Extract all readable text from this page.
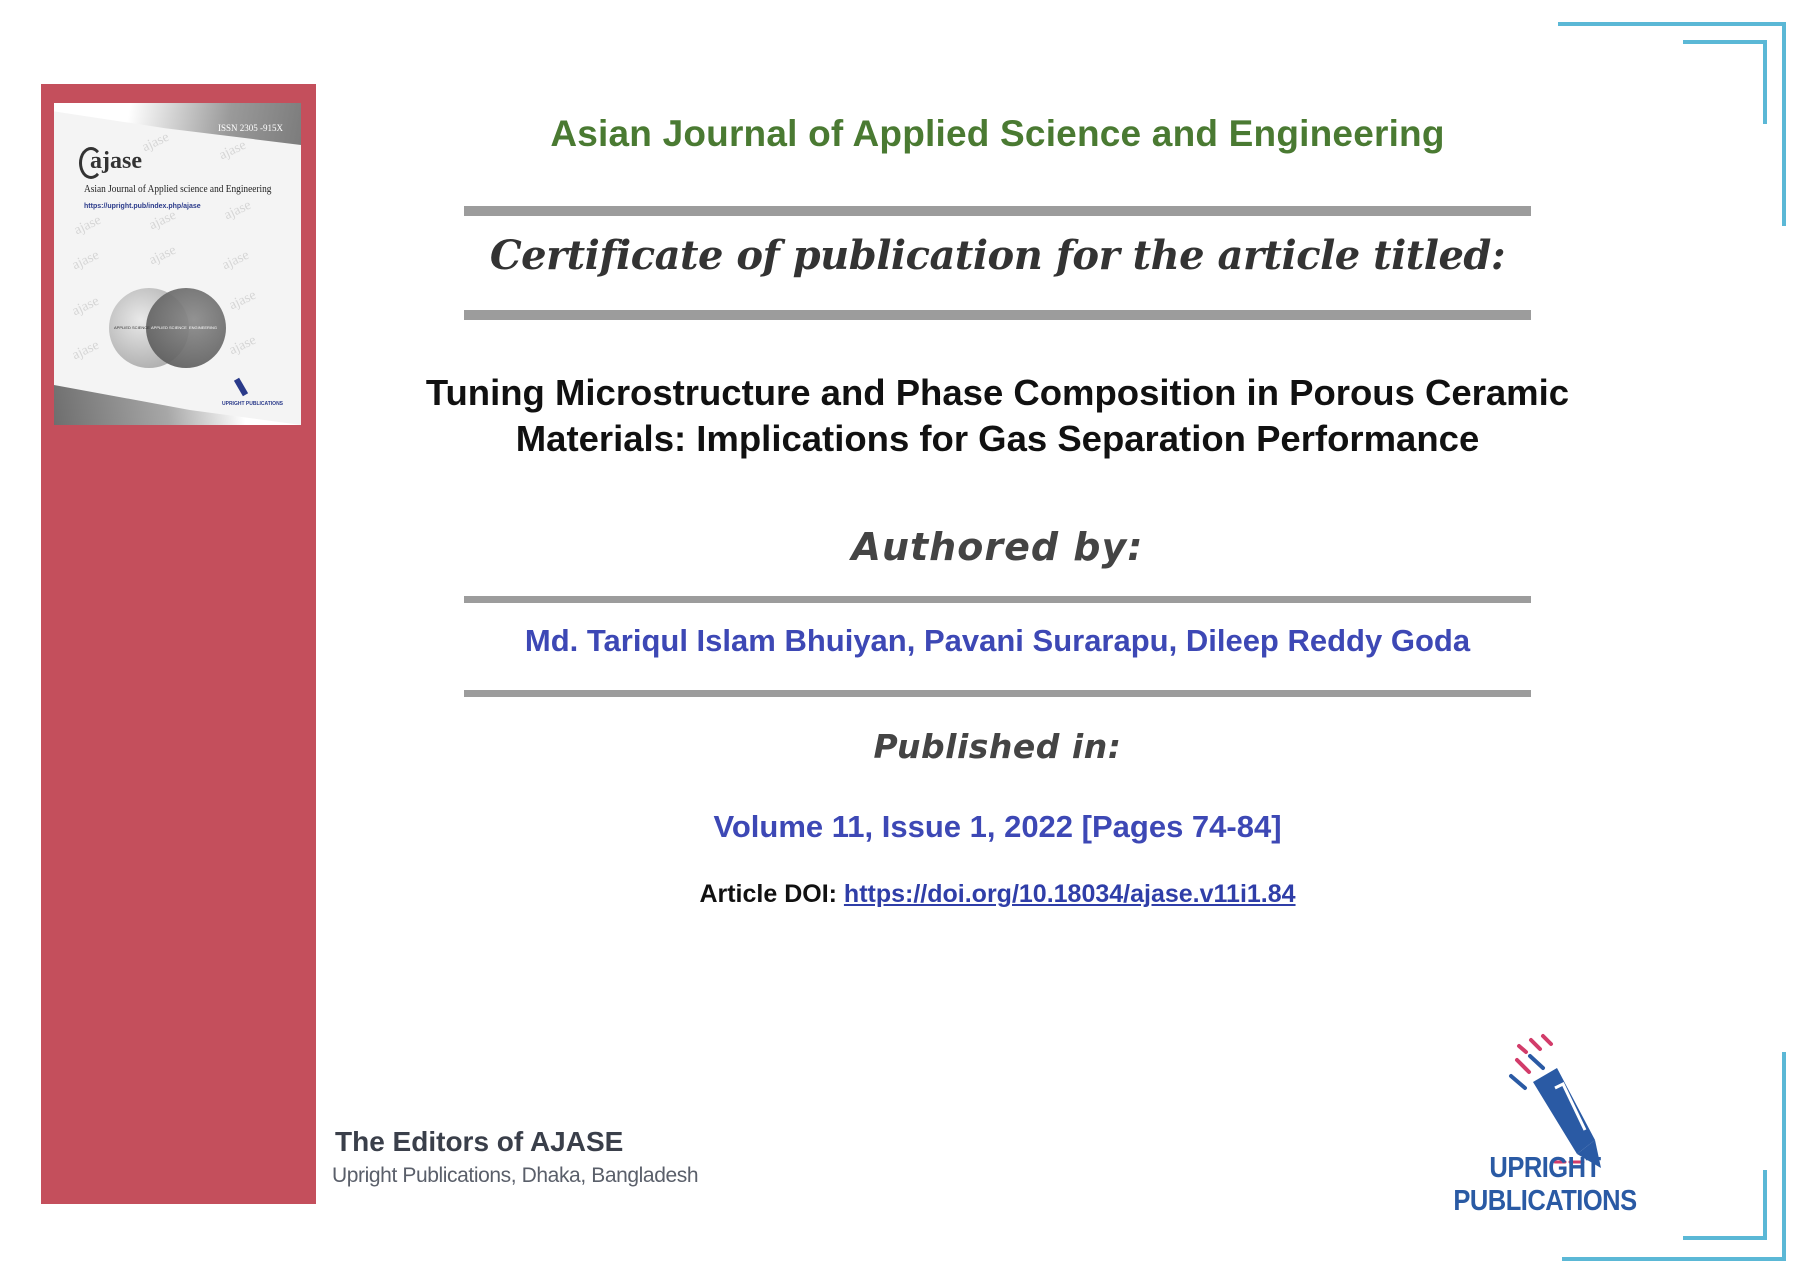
ISSN 2305 -915X
ajase
Asian Journal of Applied science and Engineering
https://upright.pub/index.php/ajase
ajase	ajase
ajase	ajase	ajase
ajase	ajase	ajase
ajase	ajase
ajase	ajase
APPLIED SCIENCE APPLIED SCIENCE ENGINEERING
UPRIGHT PUBLICATIONS
Asian Journal of Applied Science and Engineering
Certificate of publication for the article titled:
Tuning Microstructure and Phase Composition in Porous Ceramic
Materials: Implications for Gas Separation Performance
Authored by:
Md. Tariqul Islam Bhuiyan, Pavani Surarapu, Dileep Reddy Goda
Published in:
Volume 11, Issue 1, 2022 [Pages 74-84]
Article DOI: https://doi.org/10.18034/ajase.v11i1.84
The Editors of AJASE
Upright Publications, Dhaka, Bangladesh	UPRIGHT PUBLICATIONS
